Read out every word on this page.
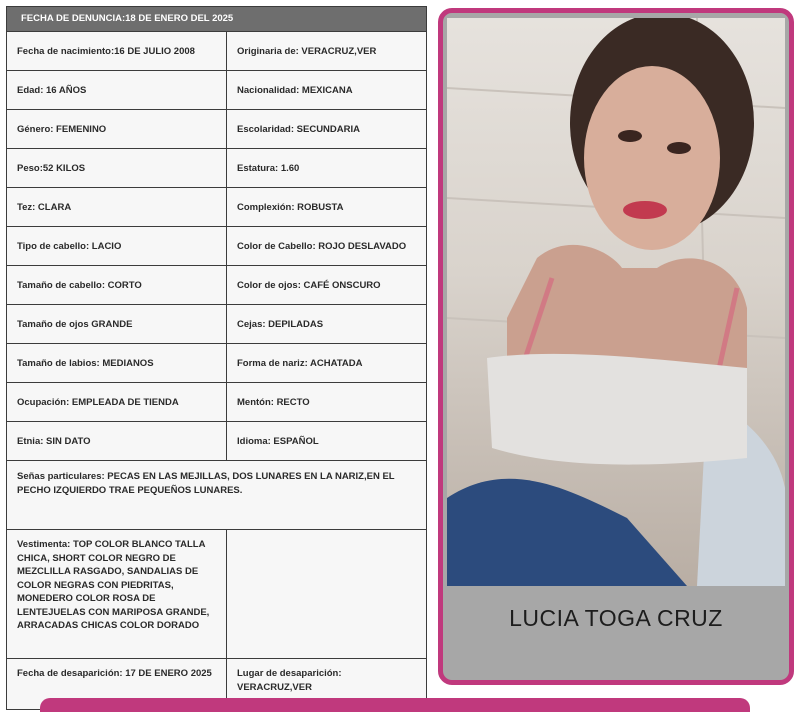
FECHA DE DENUNCIA:18 DE ENERO DEL 2025
Fecha de nacimiento:16 DE JULIO 2008	Originaria de: VERACRUZ,VER
Edad: 16 AÑOS	Nacionalidad: MEXICANA
Género: FEMENINO	Escolaridad: SECUNDARIA
Peso:52 KILOS	Estatura: 1.60
Tez: CLARA	Complexión: ROBUSTA
Tipo de cabello: LACIO	Color de Cabello: ROJO DESLAVADO
Tamaño de cabello: CORTO	Color de ojos: CAFÉ ONSCURO
Tamaño de ojos GRANDE	Cejas: DEPILADAS
Tamaño de labios: MEDIANOS	Forma de nariz: ACHATADA
Ocupación: EMPLEADA DE TIENDA	Mentón: RECTO
Etnia: SIN DATO	Idioma: ESPAÑOL
Señas particulares: PECAS EN LAS MEJILLAS, DOS LUNARES EN LA NARIZ,EN EL PECHO IZQUIERDO TRAE PEQUEÑOS LUNARES.
Vestimenta: TOP COLOR BLANCO TALLA CHICA, SHORT COLOR NEGRO DE MEZCLILLA RASGADO, SANDALIAS DE COLOR NEGRAS CON PIEDRITAS, MONEDERO COLOR ROSA DE LENTEJUELAS CON MARIPOSA GRANDE, ARRACADAS CHICAS COLOR DORADO
Fecha de desaparición: 17 DE ENERO 2025	Lugar de desaparición: VERACRUZ,VER
LUCIA TOGA CRUZ
